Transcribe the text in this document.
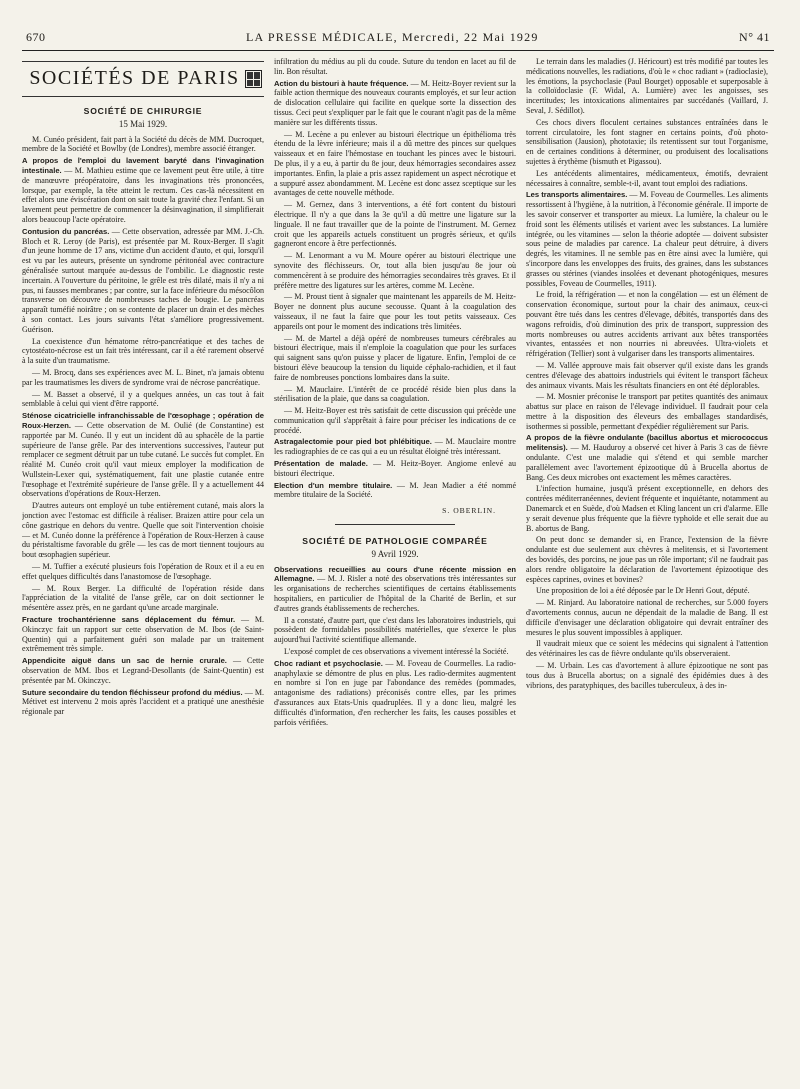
670	LA PRESSE MÉDICALE, Mercredi, 22 Mai 1929	N° 41
SOCIÉTÉS DE PARIS
SOCIÉTÉ DE CHIRURGIE
15 Mai 1929.

M. Cunéo président, fait part à la Société du décès de MM. Ducroquet, membre de la Société et Bowlby (de Londres), membre associé étranger.

A propos de l'emploi du lavement baryté dans l'invagination intestinale. — M. Mathieu estime que ce lavement peut être utile, à titre de manœuvre préopératoire, dans les invaginations très prononcées, lorsque, par exemple, la tête atteint le rectum. Ces cas-là nécessitent en effet alors une éviscération dont on sait toute la gravité chez l'enfant. Si un lavement peut permettre de commencer la désinvagination, il simplifierait alors beaucoup l'acte opératoire.

Contusion du pancréas. — Cette observation, adressée par MM. J.-Ch. Bloch et R. Leroy (de Paris), est présentée par M. Roux-Berger. Il s'agit d'un jeune homme de 17 ans, victime d'un accident d'auto, et qui, lorsqu'il est vu par les auteurs, présente un syndrome péritonéal avec contracture généralisée surtout marquée au-dessus de l'ombilic. Le diagnostic reste incertain. A l'ouverture du péritoine, le grêle est très dilaté, mais il n'y a ni pus, ni fausses membranes ; par contre, sur la face inférieure du mésocôlon transverse on découvre de nombreuses taches de bougie. Le pancréas apparaît tuméfié noirâtre ; on se contente de placer un drain et des mèches à son contact. Les jours suivants l'état s'améliore progressivement. Guérison.

La coexistence d'un hématome rétro-pancréatique et des taches de cytostéato-nécrose est un fait très intéressant, car il a été rarement observé à la suite d'un traumatisme.

— M. Brocq, dans ses expériences avec M. L. Binet, n'a jamais obtenu par les traumatismes les divers de syndrome vrai de nécrose pancréatique.

— M. Basset a observé, il y a quelques années, un cas tout à fait semblable à celui qui vient d'être rapporté.

Sténose cicatricielle infranchissable de l'œsophage ; opération de Roux-Herzen. — Cette observation de M. Oulié (de Constantine) est rapportée par M. Cunéo. Il y eut un incident dû au sphacèle de la partie supérieure de l'anse grêle. Par des interventions successives, l'auteur put remplacer ce segment détruit par un tube cutané. Le succès fut complet. En réalité M. Cunéo croit qu'il vaut mieux employer la modification de Wullstein-Lexer qui, systématiquement, fait une plastie cutanée entre l'œsophage et l'extrémité supérieure de l'anse grêle. Il y a actuellement 44 observations d'opérations de Roux-Herzen.

D'autres auteurs ont employé un tube entièrement cutané, mais alors la jonction avec l'estomac est difficile à réaliser. Braizen attire pour cela un cône gastrique en dehors du ventre. Quelle que soit l'intervention choisie — et M. Cunéo donne la préférence à l'opération de Roux-Herzen à cause du péristaltisme favorable du grêle — les cas de mort tiennent toujours au bout œsophagien supérieur.

— M. Tuffier a exécuté plusieurs fois l'opération de Roux et il a eu en effet quelques difficultés dans l'anastomose de l'œsophage.

— M. Roux Berger. La difficulté de l'opération réside dans l'appréciation de la vitalité de l'anse grêle, car on doit sectionner le mésentère assez près, en ne gardant qu'une arcade marginale.

Fracture trochantérienne sans déplacement du fémur. — M. Okinczyc fait un rapport sur cette observation de M. Ibos (de Saint-Quentin) qui a parfaitement guéri son malade par un traitement extrêmement très simple.

Appendicite aiguë dans un sac de hernie crurale. — Cette observation de MM. Ibos et Legrand-Desollants (de Saint-Quentin) est présentée par M. Okinczyc.

Suture secondaire du tendon fléchisseur profond du médius. — M. Métivet est intervenu 2 mois après l'accident et a pratiqué une anesthésie régionale par

infiltration du médius au pli du coude. Suture du tendon en lacet au fil de lin. Bon résultat.

Action du bistouri à haute fréquence. — M. Heitz-Boyer revient sur la faible action thermique des nouveaux courants employés, et sur leur action de dislocation cellulaire qui facilite en quelque sorte la dissection des tissus. Ceci peut s'expliquer par le fait que le courant n'agit pas de la même manière sur les différents tissus.

— M. Lecène a pu enlever au bistouri électrique un épithélioma très étendu de la lèvre inférieure; mais il a dû mettre des pinces sur quelques vaisseaux et en faire l'hémostase en touchant les pinces avec le bistouri. De plus, il y a eu, à partir du 8e jour, deux hémorragies secondaires assez importantes. Enfin, la plaie a pris assez rapidement un aspect nécrotique et a suppuré assez abondamment. M. Lecène est donc assez sceptique sur les avantages de cette nouvelle méthode.

— M. Gernez, dans 3 interventions, a été fort content du bistouri électrique. Il n'y a que dans la 3e qu'il a dû mettre une ligature sur la linguale. Il ne faut travailler que de la pointe de l'instrument. M. Gernez croit que les appareils actuels constituent un progrès sérieux, et qu'ils gagneront encore à être perfectionnés.

— M. Lenormant a vu M. Moure opérer au bistouri électrique une synovite des fléchisseurs. Or, tout alla bien jusqu'au 8e jour où commencèrent à se produire des hémorragies secondaires très graves. Et il préfère mettre des ligatures sur les artères, comme M. Lecène.

— M. Proust tient à signaler que maintenant les appareils de M. Heitz-Boyer ne donnent plus aucune secousse. Quant à la coagulation des vaisseaux, il ne faut la faire que pour les tout petits vaisseaux. Ces appareils ont pour le moment des indications très limitées.

— M. de Martel a déjà opéré de nombreuses tumeurs cérébrales au bistouri électrique, mais il n'emploie la coagulation que pour les surfaces qui saignent sans qu'on puisse y placer de ligature. Enfin, l'emploi de ce bistouri élève beaucoup la tension du liquide céphalo-rachidien, et il faut faire de nombreuses ponctions lombaires dans la suite.

— M. Mauclaire. L'intérêt de ce procédé réside bien plus dans la stérilisation de la plaie, que dans sa coagulation.

— M. Heitz-Boyer est très satisfait de cette discussion qui précède une communication qu'il s'apprêtait à faire pour préciser les indications de ce procédé.

Astragalectomie pour pied bot phlébitique. — M. Mauclaire montre les radiographies de ce cas qui a eu un résultat éloigné très intéressant.

Présentation de malade. — M. Heitz-Boyer. Angiome enlevé au bistouri électrique.

Election d'un membre titulaire. — M. Jean Madier a été nommé membre titulaire de la Société.

S. OBERLIN.
SOCIÉTÉ DE PATHOLOGIE COMPARÉE
9 Avril 1929.

Observations recueillies au cours d'une récente mission en Allemagne. — M. J. Risler a noté des observations très intéressantes sur les organisations de recherches scientifiques de certains établissements hospitaliers, en particulier de l'hôpital de la Charité de Berlin, et sur d'autres grands établissements de recherches.

Il a constaté, d'autre part, que c'est dans les laboratoires industriels, qui possèdent de formidables possibilités matérielles, que s'exerce le plus aujourd'hui l'activité scientifique allemande.

L'exposé complet de ces observations a vivement intéressé la Société.

Choc radiant et psychoclasie. — M. Foveau de Courmelles. La radio-anaphylaxie se démontre de plus en plus. Les radio-dermites augmentent en nombre si l'on en juge par l'abondance des remèdes (pommades, antagonisme des radiations) préconisés contre elles, par les primes d'assurances aux Etats-Unis quadruplées. Il y a donc lieu, malgré les difficultés d'information, d'en rechercher les faits, les causes possibles et parfois vérifiées.

Le terrain dans les maladies (J. Héricourt) est très modifié par toutes les médications nouvelles, les radiations, d'où le « choc radiant » (radioclasie), les émotions, la psychoclasie (Paul Bourget) opposable et superposable à la colloïdoclasie (F. Widal, A. Lumière) avec les angoisses, ses incertitudes; les intoxications alimentaires par succédanés (Vaillard, J. Seval, J. Sédillot).

Ces chocs divers floculent certaines substances entraînées dans le torrent circulatoire, les font stagner en certains points, d'où photo-sensibilisation (Jausion), phototaxie; ils retentissent sur tout l'organisme, en de certaines conditions à déterminer, ou produisent des localisations sujettes à érythème (bismuth et Pigassou).

Les antécédents alimentaires, médicamenteux, émotifs, devraient nécessaires à connaître, semble-t-il, avant tout emploi des radiations.

Les transports alimentaires. — M. Foveau de Courmelles. Les aliments ressortissent à l'hygiène, à la nutrition, à l'économie générale. Il importe de les savoir conserver et transporter au mieux. La lumière, la chaleur ou le froid sont les éléments utilisés et varient avec les substances. La lumière intégrée, ou les vitamines — selon la théorie adoptée — doivent subsister sous peine de maladies par carence. La chaleur peut détruire, à divers degrés, les vitamines. Il ne semble pas en être ainsi avec la lumière, qui s'incorpore dans les enveloppes des fruits, des graines, dans les substances grasses ou stérines (viandes insolées et devenant photogéniques, mesures possibles, Foveau de Courmelles, 1911).

Le froid, la réfrigération — et non la congélation — est un élément de conservation économique, surtout pour la chair des animaux, ceux-ci pouvant être tués dans les centres d'élevage, débités, transportés dans des wagons refroidis, d'où diminution des prix de transport, suppression des morts nombreuses ou autres accidents arrivant aux bêtes transportées vivantes, entassées et non nourries ni abreuvées. Ultra-violets et réfrigération (Tellier) sont à vulgariser dans les transports alimentaires.

— M. Vallée approuve mais fait observer qu'il existe dans les grands centres d'élevage des abattoirs industriels qui évitent le transport fâcheux des animaux vivants. Mais les résultats financiers en ont été déplorables.

— M. Mosnier préconise le transport par petites quantités des animaux abattus sur place en raison de l'élevage individuel. Il faudrait pour cela mettre à la disposition des éleveurs des emballages standardisés, isothermes si possible, permettant d'expédier régulièrement sur Paris.

A propos de la fièvre ondulante (bacillus abortus et micrococcus melitensis). — M. Hauduroy a observé cet hiver à Paris 3 cas de fièvre ondulante. C'est une maladie qui s'étend et qui semble marcher parallèlement avec l'avortement épizootique dû à Brucella abortus de Bang. Ces deux microbes ont exactement les mêmes caractères.

L'infection humaine, jusqu'à présent exceptionnelle, en dehors des contrées méditerranéennes, devient fréquente et inquiétante, notamment au Danemarck et en Suède, d'où Madsen et Kling lancent un cri d'alarme. Elle y serait devenue plus fréquente que la fièvre typhoïde et elle serait due au B. abortus de Bang.

On peut donc se demander si, en France, l'extension de la fièvre ondulante est due seulement aux chèvres à melitensis, et si l'avortement des bovidés, des porcins, ne joue pas un rôle important; s'il ne faudrait pas alors rendre obligatoire la déclaration de l'avortement épizootique des espèces caprines, ovines et bovines?

Une proposition de loi a été déposée par le Dr Henri Gout, député.

— M. Rinjard. Au laboratoire national de recherches, sur 5.000 foyers d'avortements connus, aucun ne dépendait de la maladie de Bang. Il est difficile d'envisager une déclaration obligatoire qui devrait entraîner des mesures le plus souvent impossibles à appliquer.

Il vaudrait mieux que ce soient les médecins qui signalent à l'attention des vétérinaires les cas de fièvre ondulante qu'ils observeraient.

— M. Urbain. Les cas d'avortement à allure épizootique ne sont pas tous dus à Brucella abortus; on a signalé des épidémies dues à des vibrions, des paratyphiques, des bacilles tuberculeux, à des in-
